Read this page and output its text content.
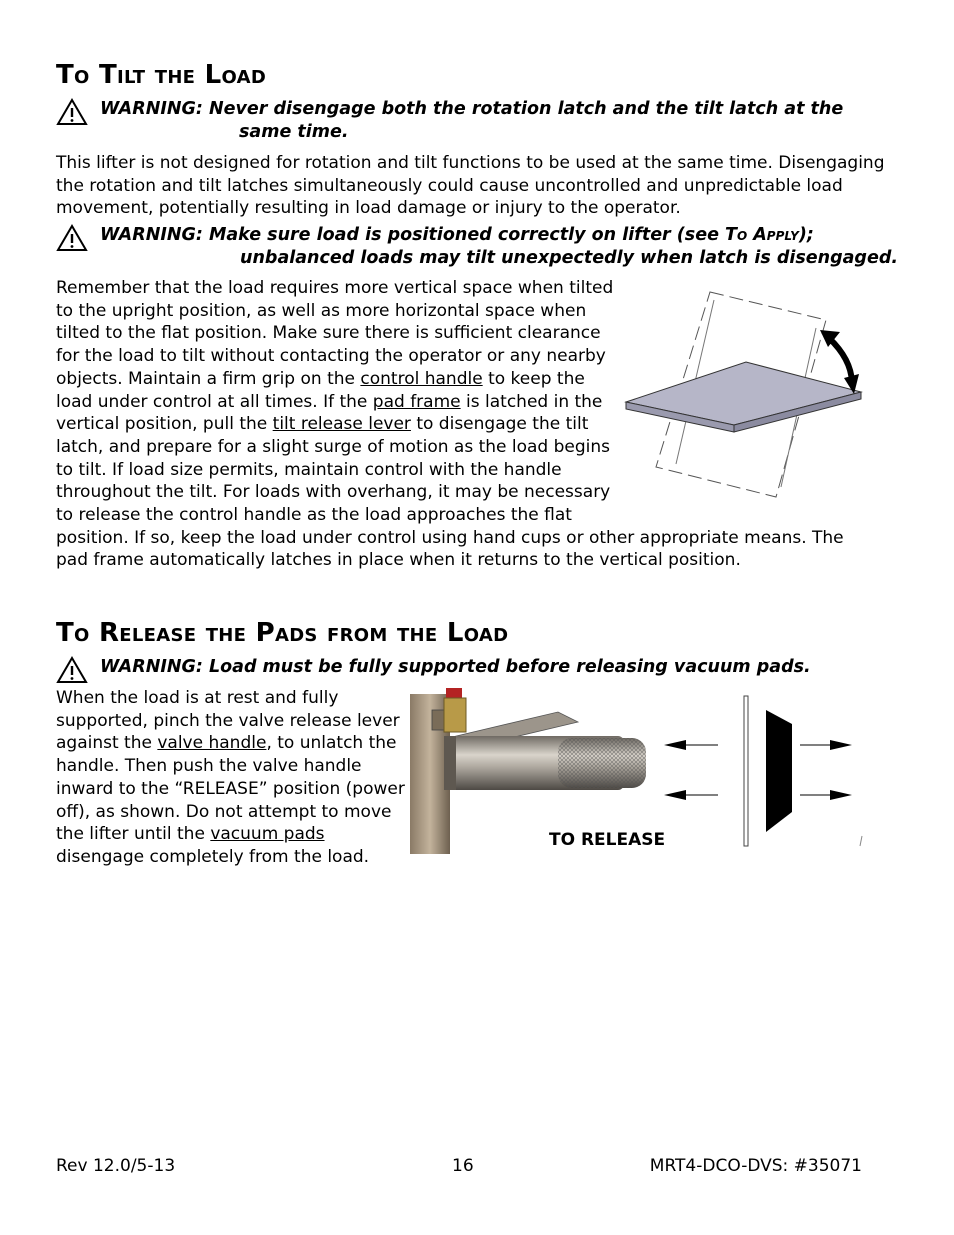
To Tilt the Load
WARNING: Never disengage both the rotation latch and the tilt latch at the
same time.

This lifter is not designed for rotation and tilt functions to be used at the same time. Disengaging
the rotation and tilt latches simultaneously could cause uncontrolled and unpredictable load
movement, potentially resulting in load damage or injury to the operator.

WARNING: Make sure load is positioned correctly on lifter (see To Apply);
unbalanced loads may tilt unexpectedly when latch is disengaged.

Remember that the load requires more vertical space when tilted
to the upright position, as well as more horizontal space when
tilted to the flat position. Make sure there is sufficient clearance
for the load to tilt without contacting the operator or any nearby
objects. Maintain a firm grip on the control handle to keep the
load under control at all times. If the pad frame is latched in the
vertical position, pull the tilt release lever to disengage the tilt
latch, and prepare for a slight surge of motion as the load begins
to tilt. If load size permits, maintain control with the handle
throughout the tilt. For loads with overhang, it may be necessary
to release the control handle as the load approaches the flat
position. If so, keep the load under control using hand cups or other appropriate means. The
pad frame automatically latches in place when it returns to the vertical position.

To Release the Pads from the Load
WARNING: Load must be fully supported before releasing vacuum pads.

When the load is at rest and fully
supported, pinch the valve release lever
against the valve handle, to unlatch the
handle. Then push the valve handle
inward to the “RELEASE” position (power
off), as shown. Do not attempt to move
the lifter until the vacuum pads
disengage completely from the load.

TO RELEASE
Rev 12.0/5-13	16	MRT4-DCO-DVS: #35071
